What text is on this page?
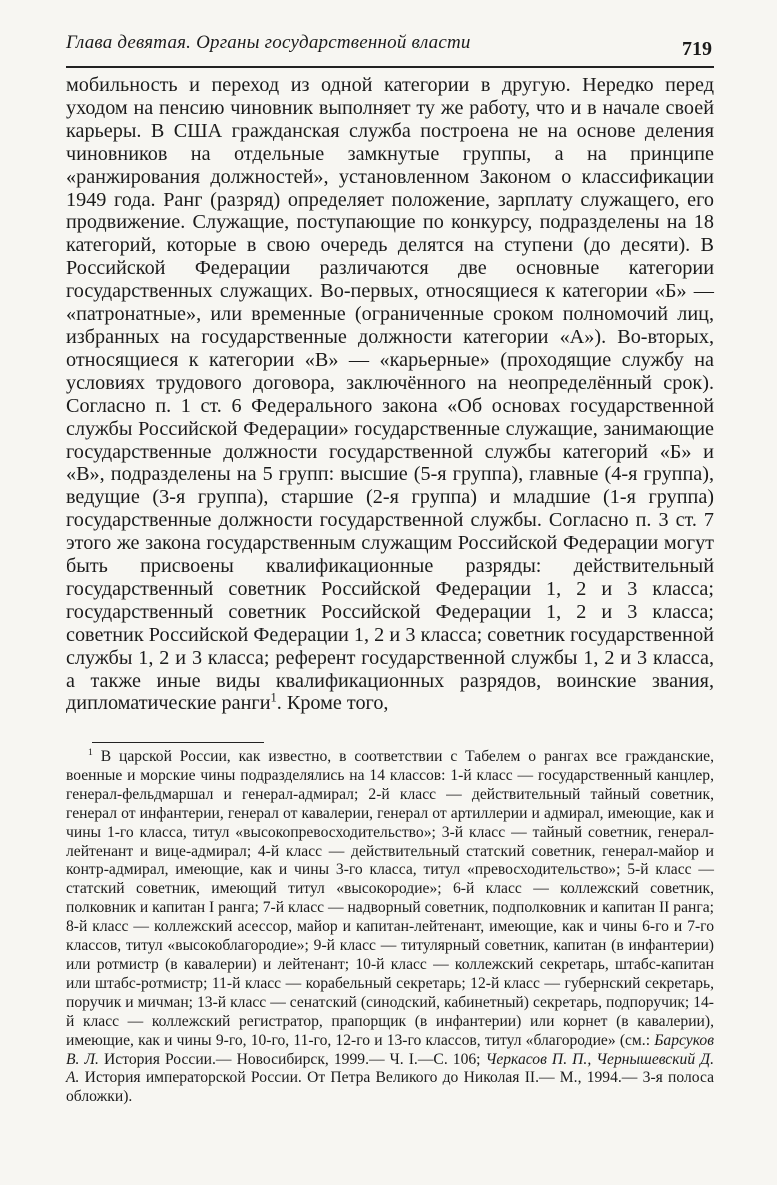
Глава девятая. Органы государственной власти	719

мобильность и переход из одной категории в другую. Нередко перед уходом на пенсию чиновник выполняет ту же работу, что и в начале своей карьеры. В США гражданская служба построена не на основе деления чиновников на отдельные замкнутые группы, а на принципе «ранжирования должностей», установленном Законом о классификации 1949 года. Ранг (разряд) определяет положение, зарплату служащего, его продвижение. Служащие, поступающие по конкурсу, подразделены на 18 категорий, которые в свою очередь делятся на ступени (до десяти). В Российской Федерации различаются две основные категории государственных служащих. Во-первых, относящиеся к категории «Б» — «патронатные», или временные (ограниченные сроком полномочий лиц, избранных на государственные должности категории «А»). Во-вторых, относящиеся к категории «В» — «карьерные» (проходящие службу на условиях трудового договора, заключённого на неопределённый срок). Согласно п. 1 ст. 6 Федерального закона «Об основах государственной службы Российской Федерации» государственные служащие, занимающие государственные должности государственной службы категорий «Б» и «В», подразделены на 5 групп: высшие (5-я группа), главные (4-я группа), ведущие (3-я группа), старшие (2-я группа) и младшие (1-я группа) государственные должности государственной службы. Согласно п. 3 ст. 7 этого же закона государственным служащим Российской Федерации могут быть присвоены квалификационные разряды: действительный государственный советник Российской Федерации 1, 2 и 3 класса; государственный советник Российской Федерации 1, 2 и 3 класса; советник Российской Федерации 1, 2 и 3 класса; советник государственной службы 1, 2 и 3 класса; референт государственной службы 1, 2 и 3 класса, а также иные виды квалификационных разрядов, воинские звания, дипломатические ранги$^1$. Кроме того,

$^1$ В царской России, как известно, в соответствии с Табелем о рангах все гражданские, военные и морские чины подразделялись на 14 классов: 1-й класс — государственный канцлер, генерал-фельдмаршал и генерал-адмирал; 2-й класс — действительный тайный советник, генерал от инфантерии, генерал от кавалерии, генерал от артиллерии и адмирал, имеющие, как и чины 1-го класса, титул «высокопревосходительство»; 3-й класс — тайный советник, генерал-лейтенант и вице-адмирал; 4-й класс — действительный статский советник, генерал-майор и контр-адмирал, имеющие, как и чины 3-го класса, титул «превосходительство»; 5-й класс — статский советник, имеющий титул «высокородие»; 6-й класс — коллежский советник, полковник и капитан I ранга; 7-й класс — надворный советник, подполковник и капитан II ранга; 8-й класс — коллежский асессор, майор и капитан-лейтенант, имеющие, как и чины 6-го и 7-го классов, титул «высокоблагородие»; 9-й класс — титулярный советник, капитан (в инфантерии) или ротмистр (в кавалерии) и лейтенант; 10-й класс — коллежский секретарь, штабс-капитан или штабс-ротмистр; 11-й класс — корабельный секретарь; 12-й класс — губернский секретарь, поручик и мичман; 13-й класс — сенатский (синодский, кабинетный) секретарь, подпоручик; 14-й класс — коллежский регистратор, прапорщик (в инфантерии) или корнет (в кавалерии), имеющие, как и чины 9-го, 10-го, 11-го, 12-го и 13-го классов, титул «благородие» (см.: Барсуков В. Л. История России.— Новосибирск, 1999.— Ч. I.—С. 106; Черкасов П. П., Чернышевский Д. А. История императорской России. От Петра Великого до Николая II.— М., 1994.— 3-я полоса обложки).
